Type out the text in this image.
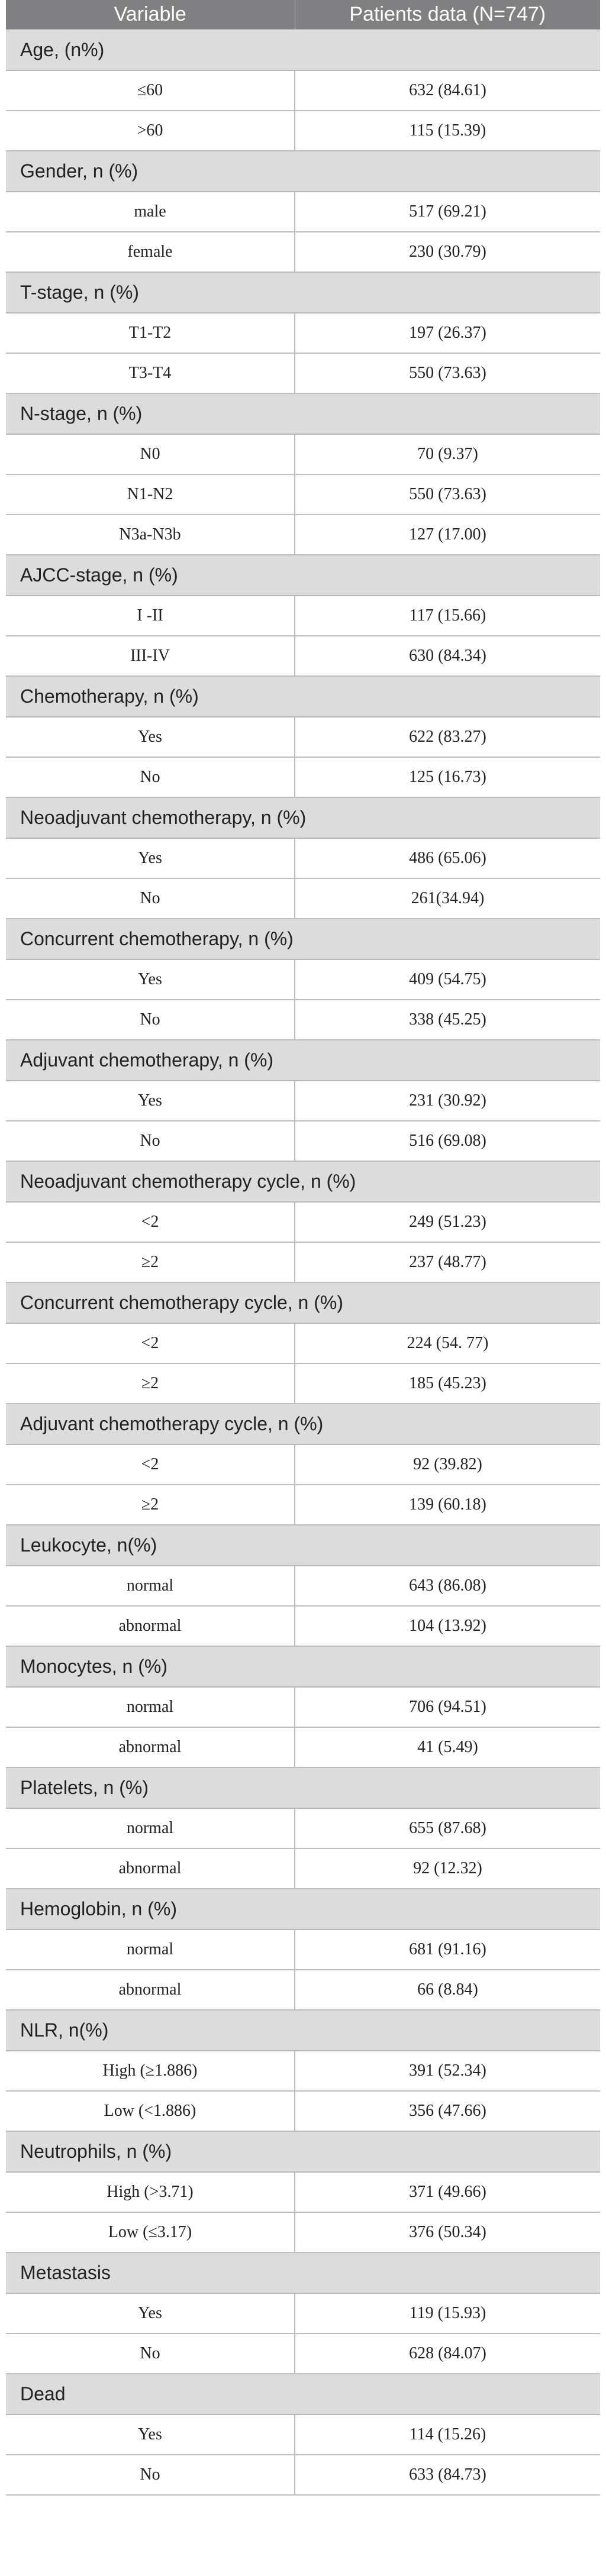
Variable	Patients data (N=747)
Age, (n%)	
≤60	632 (84.61)
>60	115 (15.39)
Gender, n (%)	
male	517 (69.21)
female	230 (30.79)
T-stage, n (%)	
T1-T2	197 (26.37)
T3-T4	550 (73.63)
N-stage, n (%)	
N0	70 (9.37)
N1-N2	550 (73.63)
N3a-N3b	127 (17.00)
AJCC-stage, n (%)	
I -II	117 (15.66)
III-IV	630 (84.34)
Chemotherapy, n (%)	
Yes	622 (83.27)
No	125 (16.73)
Neoadjuvant chemotherapy, n (%)	
Yes	486 (65.06)
No	261(34.94)
Concurrent chemotherapy, n (%)	
Yes	409 (54.75)
No	338 (45.25)
Adjuvant chemotherapy, n (%)	
Yes	231 (30.92)
No	516 (69.08)
Neoadjuvant chemotherapy cycle, n (%)	
<2	249 (51.23)
≥2	237 (48.77)
Concurrent chemotherapy cycle, n (%)	
<2	224 (54. 77)
≥2	185 (45.23)
Adjuvant chemotherapy cycle, n (%)	
<2	92 (39.82)
≥2	139 (60.18)
Leukocyte, n(%)	
normal	643 (86.08)
abnormal	104 (13.92)
Monocytes, n (%)	
normal	706 (94.51)
abnormal	41 (5.49)
Platelets, n (%)	
normal	655 (87.68)
abnormal	92 (12.32)
Hemoglobin, n (%)	
normal	681 (91.16)
abnormal	66 (8.84)
NLR, n(%)	
High (≥1.886)	391 (52.34)
Low (<1.886)	356 (47.66)
Neutrophils, n (%)	
High (>3.71)	371 (49.66)
Low (≤3.17)	376 (50.34)
Metastasis	
Yes	119 (15.93)
No	628 (84.07)
Dead	
Yes	114 (15.26)
No	633 (84.73)
